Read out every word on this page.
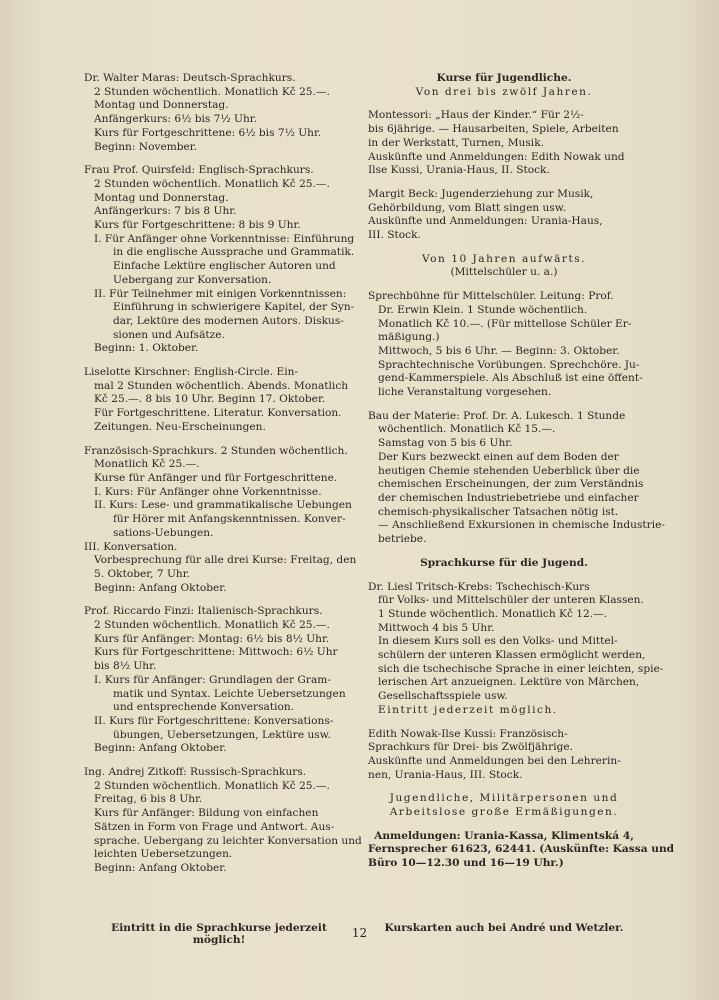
Dr. Walter Maras: Deutsch-Sprachkurs.
2 Stunden wöchentlich. Monatlich Kč 25.—.
Montag und Donnerstag.
Anfängerkurs: 6½ bis 7½ Uhr.
Kurs für Fortgeschrittene: 6½ bis 7½ Uhr.
Beginn: November.
Frau Prof. Quirsfeld: Englisch-Sprachkurs.
2 Stunden wöchentlich. Monatlich Kč 25.—.
Montag und Donnerstag.
Anfängerkurs: 7 bis 8 Uhr.
Kurs für Fortgeschrittene: 8 bis 9 Uhr.
I. Für Anfänger ohne Vorkenntnisse: Einführung
in die englische Aussprache und Grammatik.
Einfache Lektüre englischer Autoren und
Uebergang zur Konversation.
II. Für Teilnehmer mit einigen Vorkenntnissen:
Einführung in schwierigere Kapitel, der Syn-
dar, Lektüre des modernen Autors. Diskus-
sionen und Aufsätze.
Beginn: 1. Oktober.
Liselotte Kirschner: English-Circle. Ein-
mal 2 Stunden wöchentlich. Abends. Monatlich
Kč 25.—. 8 bis 10 Uhr. Beginn 17. Oktober.
Für Fortgeschrittene. Literatur. Konversation.
Zeitungen. Neu-Erscheinungen.
Französisch-Sprachkurs. 2 Stunden wöchentlich.
Monatlich Kč 25.—.
Kurse für Anfänger und für Fortgeschrittene.
I. Kurs: Für Anfänger ohne Vorkenntnisse.
II. Kurs: Lese- und grammatikalische Uebungen
für Hörer mit Anfangskenntnissen. Konver-
sations-Uebungen.
III. Konversation.
Vorbesprechung für alle drei Kurse: Freitag, den
5. Oktober, 7 Uhr.
Beginn: Anfang Oktober.
Prof. Riccardo Finzi: Italienisch-Sprachkurs.
2 Stunden wöchentlich. Monatlich Kč 25.—.
Kurs für Anfänger: Montag: 6½ bis 8½ Uhr.
Kurs für Fortgeschrittene: Mittwoch: 6½ Uhr
bis 8½ Uhr.
I. Kurs für Anfänger: Grundlagen der Gram-
matik und Syntax. Leichte Uebersetzungen
und entsprechende Konversation.
II. Kurs für Fortgeschrittene: Konversations-
übungen, Uebersetzungen, Lektüre usw.
Beginn: Anfang Oktober.
Ing. Andrej Zitkoff: Russisch-Sprachkurs.
2 Stunden wöchentlich. Monatlich Kč 25.—.
Freitag, 6 bis 8 Uhr.
Kurs für Anfänger: Bildung von einfachen
Sätzen in Form von Frage und Antwort. Aus-
sprache. Uebergang zu leichter Konversation und
leichten Uebersetzungen.
Beginn: Anfang Oktober.
Kurse für Jugendliche.
Von drei bis zwölf Jahren.
Montessori: „Haus der Kinder.“ Für 2½-
bis 6jährige. — Hausarbeiten, Spiele, Arbeiten
in der Werkstatt, Turnen, Musik.
Auskünfte und Anmeldungen: Edith Nowak und
Ilse Kussi, Urania-Haus, II. Stock.
Margit Beck: Jugenderziehung zur Musik,
Gehörbildung, vom Blatt singen usw.
Auskünfte und Anmeldungen: Urania-Haus,
III. Stock.
Von 10 Jahren aufwärts.
(Mittelschüler u. a.)
Sprechbühne für Mittelschüler. Leitung: Prof.
Dr. Erwin Klein. 1 Stunde wöchentlich.
Monatlich Kč 10.—. (Für mittellose Schüler Er-
mäßigung.)
Mittwoch, 5 bis 6 Uhr. — Beginn: 3. Oktober.
Sprachtechnische Vorübungen. Sprechchöre. Ju-
gend-Kammerspiele. Als Abschluß ist eine öffent-
liche Veranstaltung vorgesehen.
Bau der Materie: Prof. Dr. A. Lukesch. 1 Stunde
wöchentlich. Monatlich Kč 15.—.
Samstag von 5 bis 6 Uhr.
Der Kurs bezweckt einen auf dem Boden der
heutigen Chemie stehenden Ueberblick über die
chemischen Erscheinungen, der zum Verständnis
der chemischen Industriebetriebe und einfacher
chemisch-physikalischer Tatsachen nötig ist.
— Anschließend Exkursionen in chemische Industrie-
betriebe.
Sprachkurse für die Jugend.
Dr. Liesl Tritsch-Krebs: Tschechisch-Kurs
für Volks- und Mittelschüler der unteren Klassen.
1 Stunde wöchentlich. Monatlich Kč 12.—.
Mittwoch 4 bis 5 Uhr.
In diesem Kurs soll es den Volks- und Mittel-
schülern der unteren Klassen ermöglicht werden,
sich die tschechische Sprache in einer leichten, spie-
lerischen Art anzueignen. Lektüre von Märchen,
Gesellschaftsspiele usw.
Eintritt jederzeit möglich.
Edith Nowak-Ilse Kussi: Französisch-
Sprachkurs für Drei- bis Zwölfjährige.
Auskünfte und Anmeldungen bei den Lehrerin-
nen, Urania-Haus, III. Stock.
Jugendliche, Militärpersonen und
Arbeitslose große Ermäßigungen.
Anmeldungen: Urania-Kassa, Klimentská 4,
Fernsprecher 61623, 62441. (Auskünfte: Kassa und
Büro 10—12.30 und 16—19 Uhr.)
Eintritt in die Sprachkurse jederzeit möglich!
Kurskarten auch bei André und Wetzler.
12
